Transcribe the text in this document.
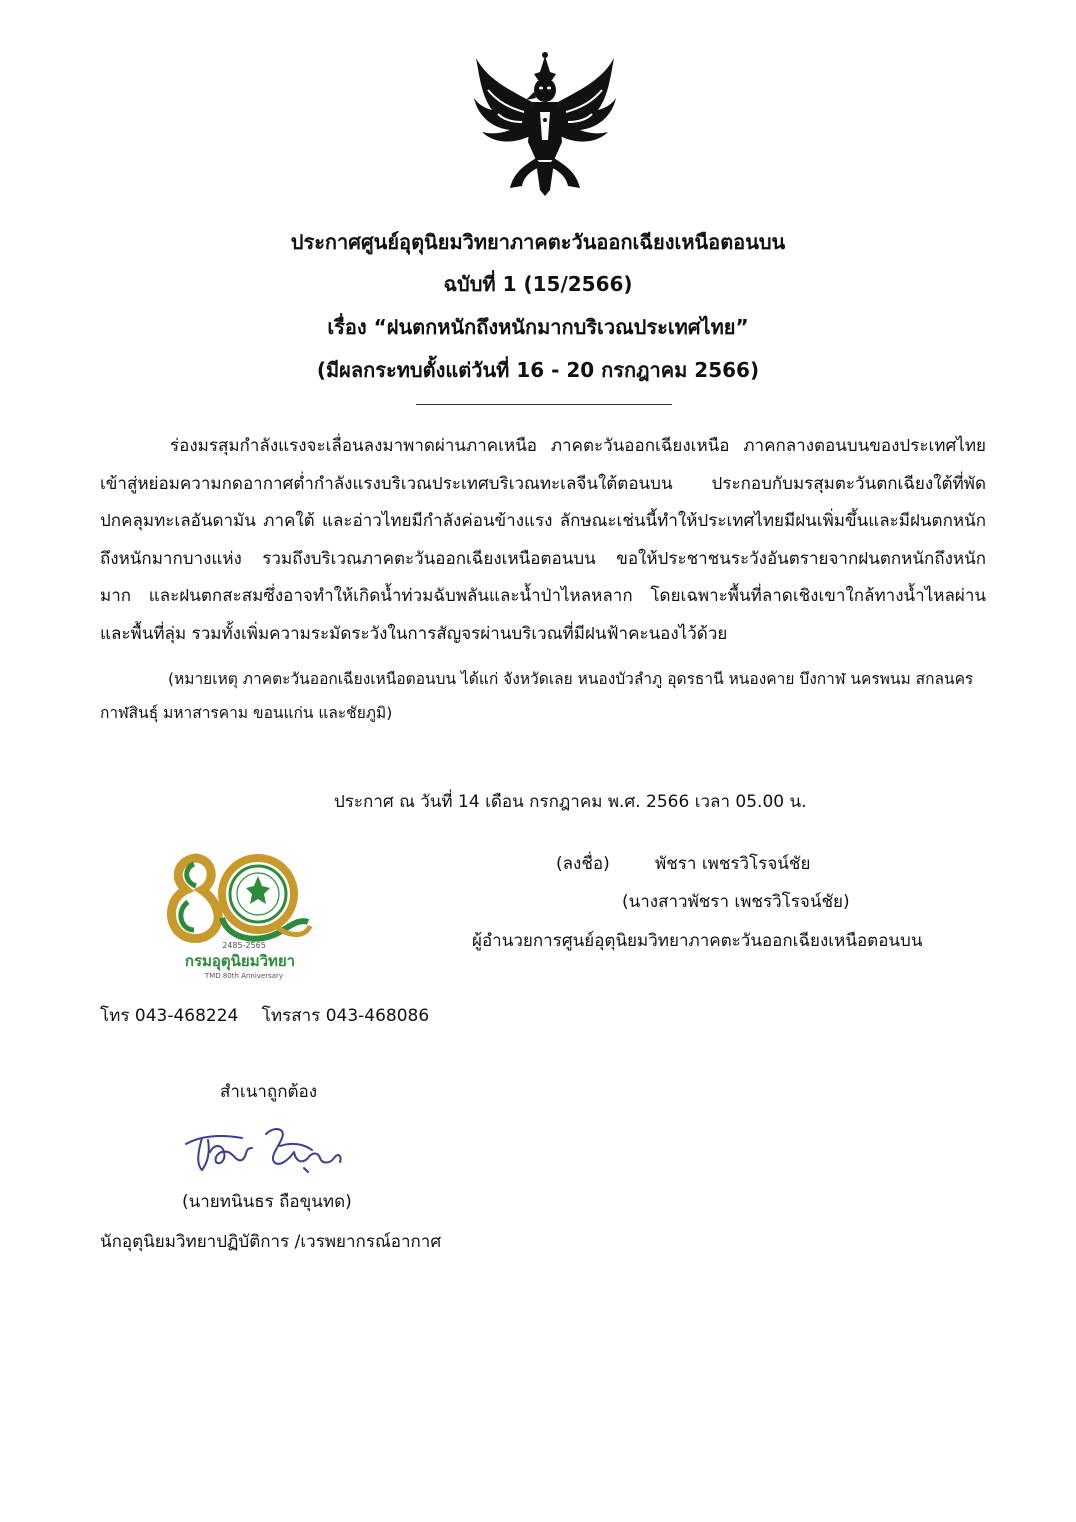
ประกาศศูนย์อุตุนิยมวิทยาภาคตะวันออกเฉียงเหนือตอนบน
ฉบับที่ 1 (15/2566)
เรื่อง “ฝนตกหนักถึงหนักมากบริเวณประเทศไทย”
(มีผลกระทบตั้งแต่วันที่ 16 - 20 กรกฎาคม 2566)

ร่องมรสุมกำลังแรงจะเลื่อนลงมาพาดผ่านภาคเหนือ ภาคตะวันออกเฉียงเหนือ ภาคกลางตอนบนของประเทศไทย เข้าสู่หย่อมความกดอากาศต่ำกำลังแรงบริเวณประเทศบริเวณทะเลจีนใต้ตอนบน ประกอบกับมรสุมตะวันตกเฉียงใต้ที่พัดปกคลุมทะเลอันดามัน ภาคใต้ และอ่าวไทยมีกำลังค่อนข้างแรง ลักษณะเช่นนี้ทำให้ประเทศไทยมีฝนเพิ่มขึ้นและมีฝนตกหนักถึงหนักมากบางแห่ง รวมถึงบริเวณภาคตะวันออกเฉียงเหนือตอนบน ขอให้ประชาชนระวังอันตรายจากฝนตกหนักถึงหนักมาก และฝนตกสะสมซึ่งอาจทำให้เกิดน้ำท่วมฉับพลันและน้ำป่าไหลหลาก โดยเฉพาะพื้นที่ลาดเชิงเขาใกล้ทางน้ำไหลผ่านและพื้นที่ลุ่ม รวมทั้งเพิ่มความระมัดระวังในการสัญจรผ่านบริเวณที่มีฝนฟ้าคะนองไว้ด้วย

(หมายเหตุ ภาคตะวันออกเฉียงเหนือตอนบน ได้แก่ จังหวัดเลย หนองบัวลำภู อุดรธานี หนองคาย บึงกาฬ นครพนม สกลนคร กาฬสินธุ์ มหาสารคาม ขอนแก่น และชัยภูมิ)

ประกาศ ณ วันที่ 14 เดือน กรกฎาคม พ.ศ. 2566 เวลา 05.00 น.
(ลงชื่อ)	พัชรา เพชรวิโรจน์ชัย
(นางสาวพัชรา เพชรวิโรจน์ชัย)
ผู้อำนวยการศูนย์อุตุนิยมวิทยาภาคตะวันออกเฉียงเหนือตอนบน
2485-2565
กรมอุตุนิยมวิทยา
TMD 80th Anniversary
โทร 043-468224 โทรสาร 043-468086
สำเนาถูกต้อง
(นายทนินธร ถือขุนทด)
นักอุตุนิยมวิทยาปฏิบัติการ /เวรพยากรณ์อากาศ
